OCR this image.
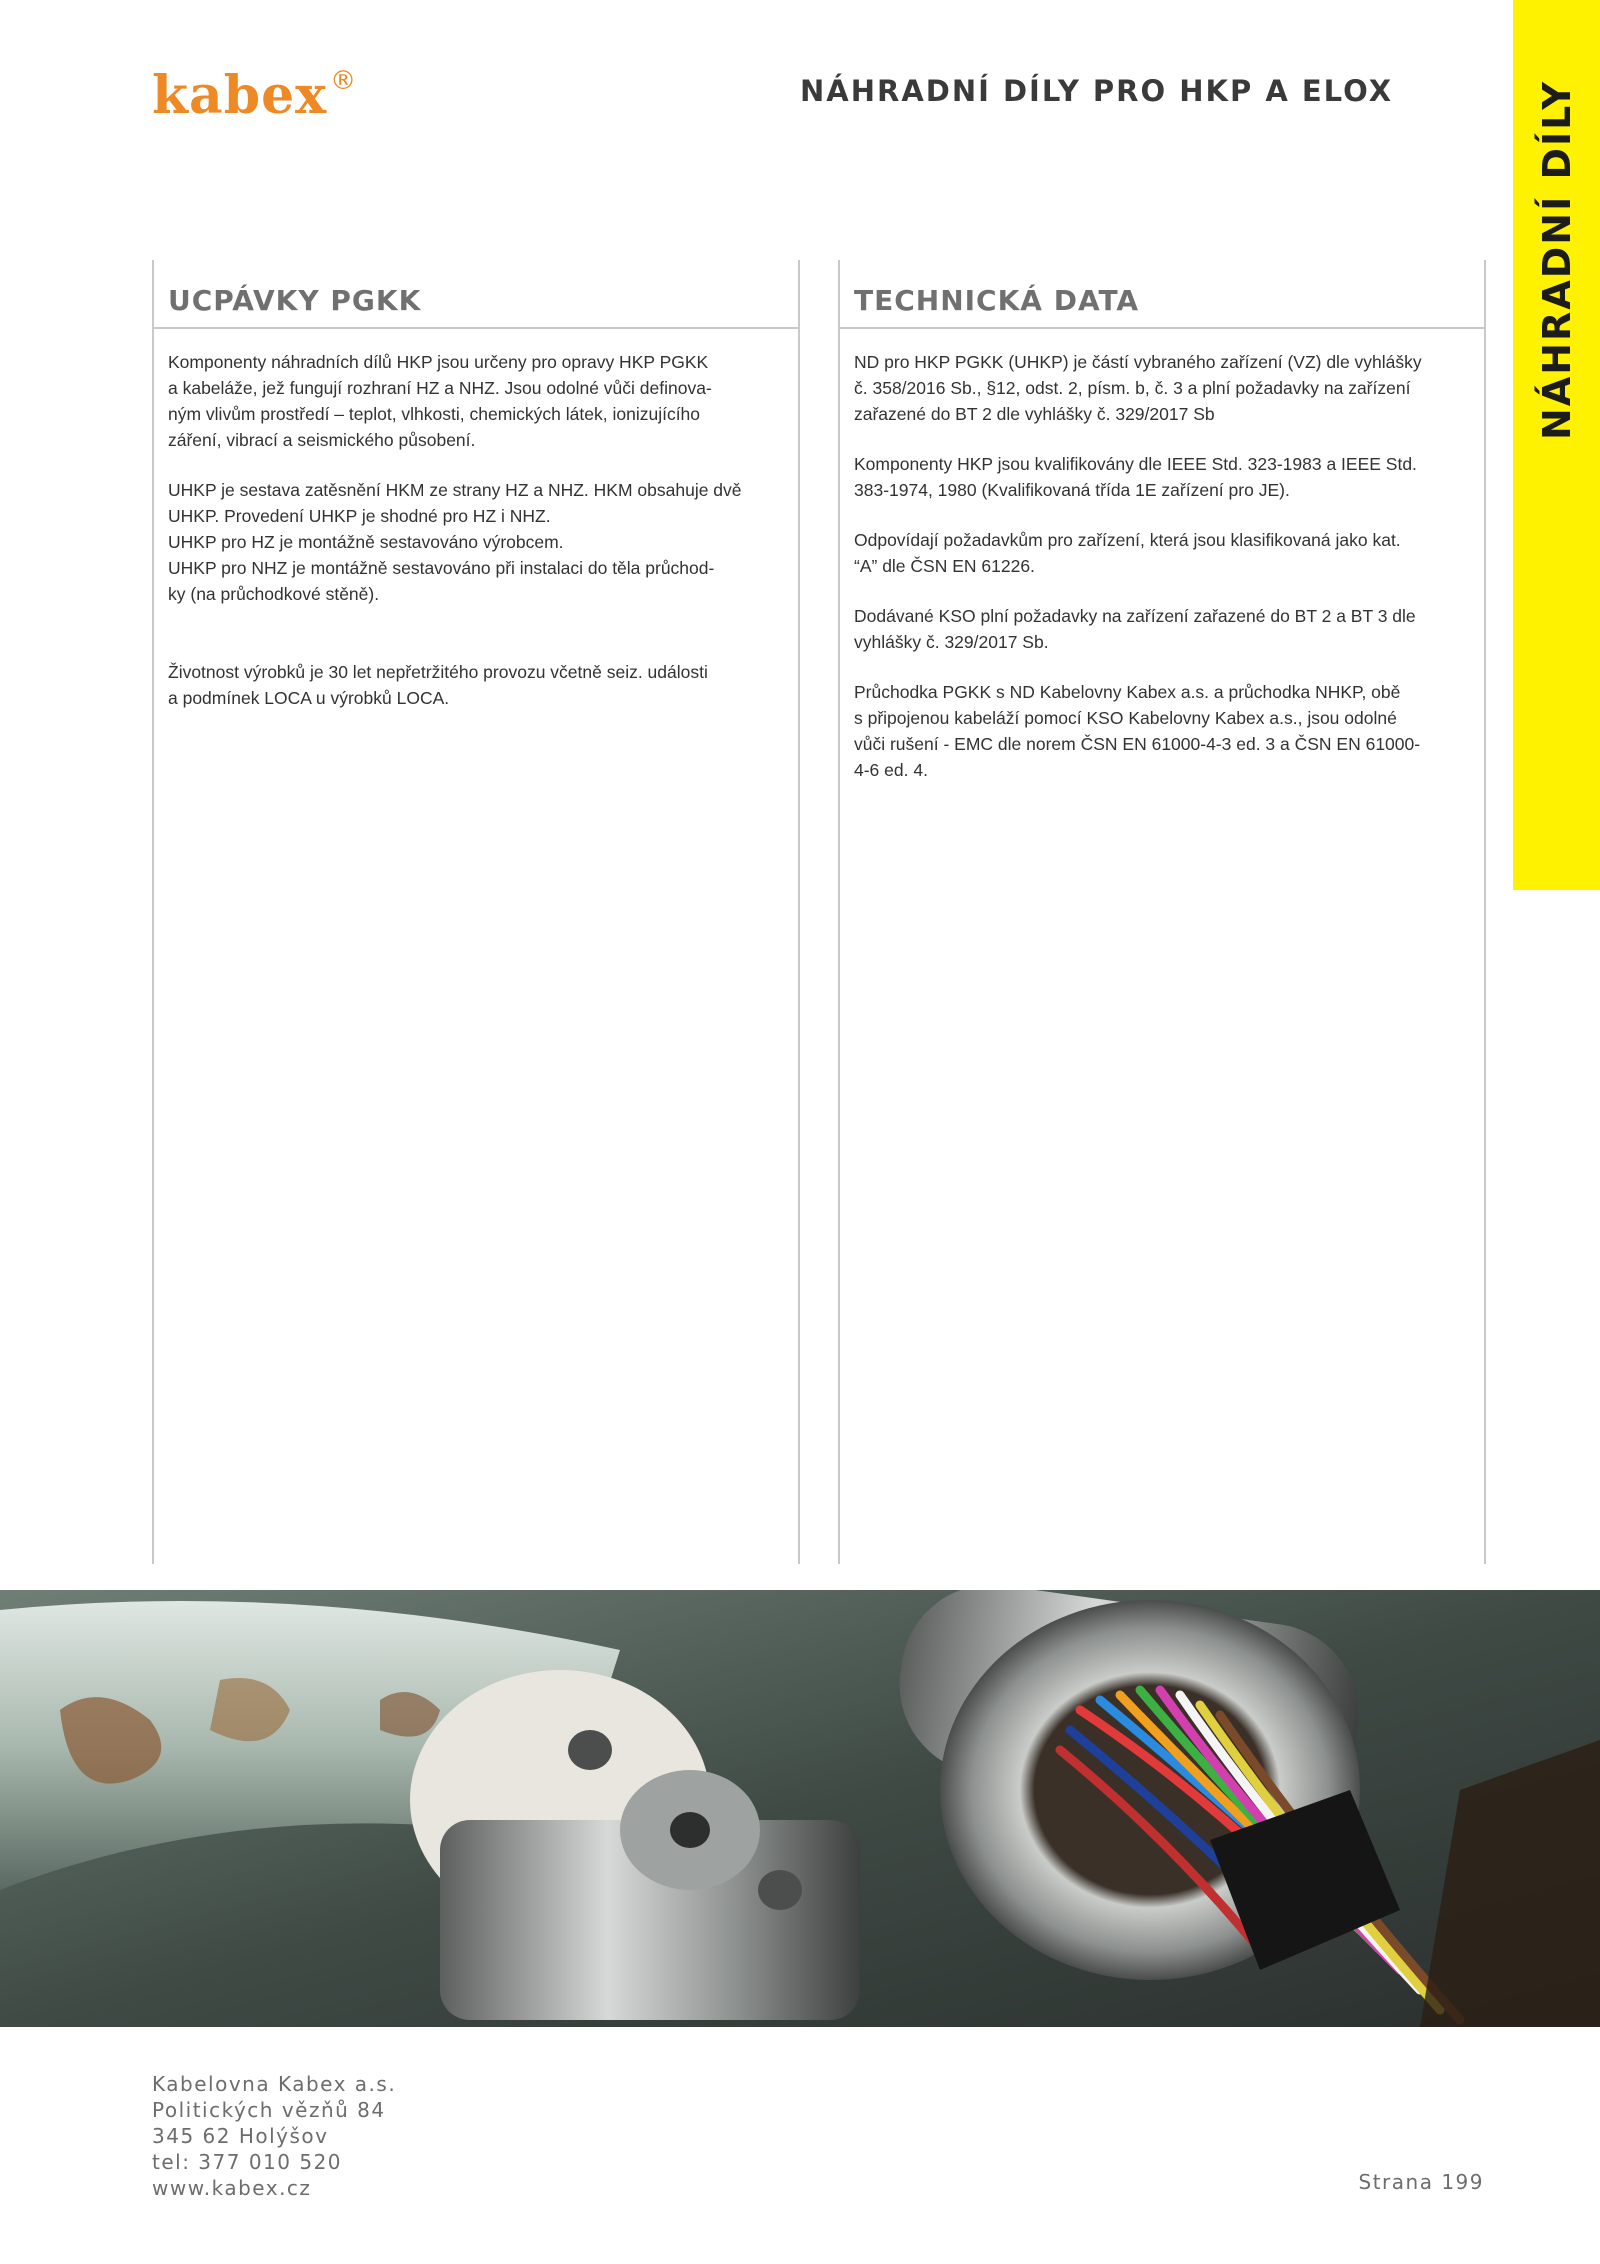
kabex ®	NÁHRADNÍ DÍLY PRO HKP A ELOX	NÁHRADNÍ DÍLY
UCPÁVKY PGKK

Komponenty náhradních dílů HKP jsou určeny pro opravy HKP PGKK
a kabeláže, jež fungují rozhraní HZ a NHZ. Jsou odolné vůči definova-
ným vlivům prostředí – teplot, vlhkosti, chemických látek, ionizujícího
záření, vibrací a seismického působení.

UHKP je sestava zatěsnění HKM ze strany HZ a NHZ. HKM obsahuje dvě
UHKP. Provedení UHKP je shodné pro HZ i NHZ.
UHKP pro HZ je montážně sestavováno výrobcem.
UHKP pro NHZ je montážně sestavováno při instalaci do těla průchod-
ky (na průchodkové stěně).

Životnost výrobků je 30 let nepřetržitého provozu včetně seiz. události
a podmínek LOCA u výrobků LOCA.

TECHNICKÁ DATA

ND pro HKP PGKK (UHKP) je částí vybraného zařízení (VZ) dle vyhlášky
č. 358/2016 Sb., §12, odst. 2, písm. b, č. 3 a plní požadavky na zařízení
zařazené do BT 2 dle vyhlášky č. 329/2017 Sb

Komponenty HKP jsou kvalifikovány dle IEEE Std. 323-1983 a IEEE Std.
383-1974, 1980 (Kvalifikovaná třída 1E zařízení pro JE).

Odpovídají požadavkům pro zařízení, která jsou klasifikovaná jako kat.
“A” dle ČSN EN 61226.

Dodávané KSO plní požadavky na zařízení zařazené do BT 2 a BT 3 dle
vyhlášky č. 329/2017 Sb.

Průchodka PGKK s ND Kabelovny Kabex a.s. a průchodka NHKP, obě
s připojenou kabeláží pomocí KSO Kabelovny Kabex a.s., jsou odolné
vůči rušení - EMC dle norem ČSN EN 61000-4-3 ed. 3 a ČSN EN 61000-
4-6 ed. 4.

Kabelovna Kabex a.s.
Politických vězňů 84
345 62 Holýšov
tel: 377 010 520
www.kabex.cz	Strana 199
